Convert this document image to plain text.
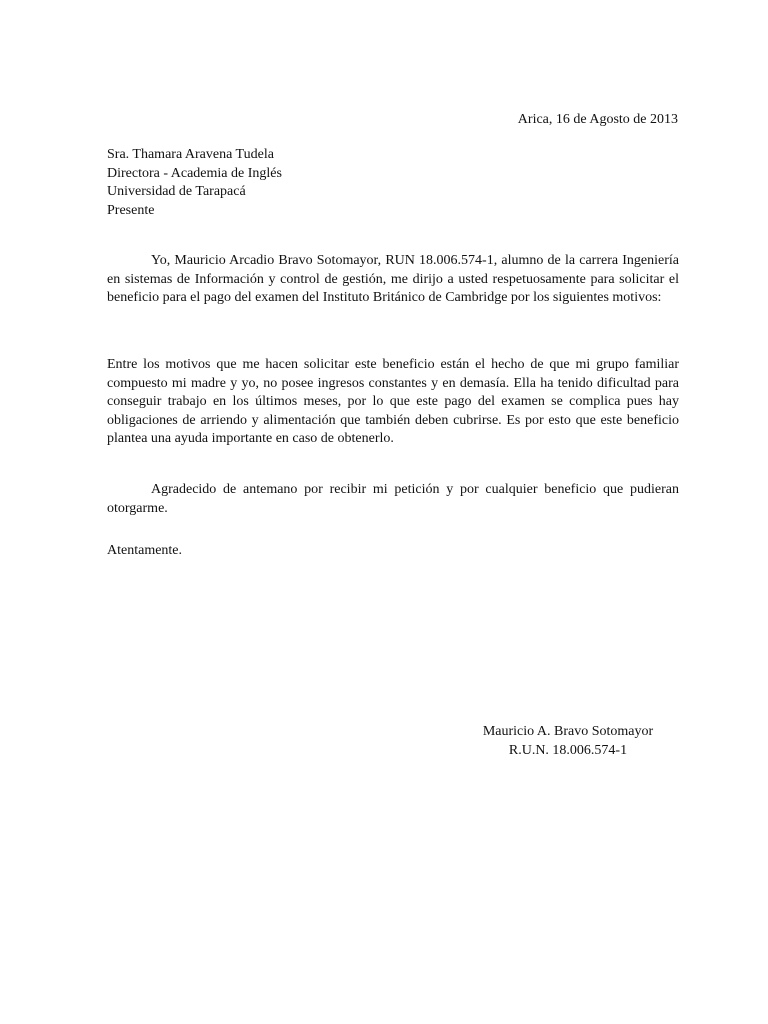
Arica, 16 de Agosto de 2013
Sra. Thamara Aravena Tudela
Directora - Academia de Inglés
Universidad de Tarapacá
Presente
Yo, Mauricio Arcadio Bravo Sotomayor, RUN 18.006.574-1, alumno de la carrera Ingeniería en sistemas de Información y control de gestión, me dirijo a usted respetuosamente para solicitar el beneficio para el pago del examen del Instituto Británico de Cambridge por los siguientes motivos:
Entre los motivos que me hacen solicitar este beneficio están el hecho de que mi grupo familiar compuesto mi madre y yo, no posee ingresos constantes y en demasía. Ella ha tenido dificultad para conseguir trabajo en los últimos meses, por lo que este pago del examen se complica pues hay obligaciones de arriendo y alimentación que también deben cubrirse. Es por esto que este beneficio plantea una ayuda importante en caso de obtenerlo.
Agradecido de antemano por recibir mi petición y por cualquier beneficio que pudieran otorgarme.
Atentamente.
Mauricio A. Bravo Sotomayor
R.U.N. 18.006.574-1
